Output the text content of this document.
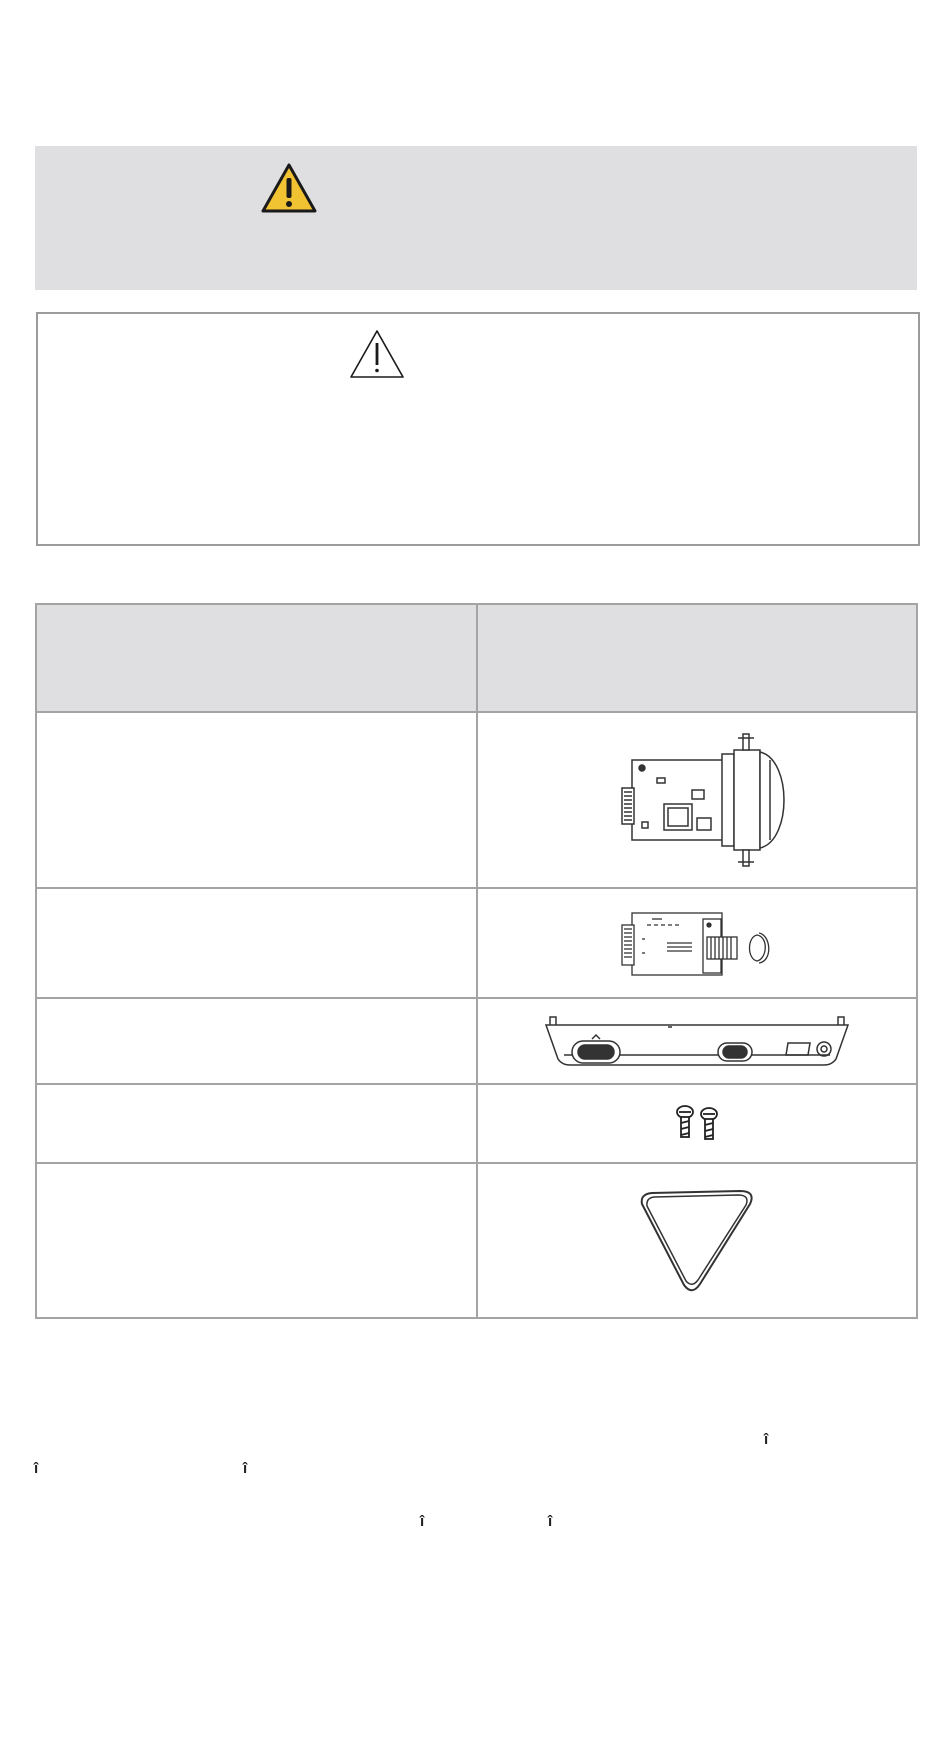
î
î	î
î	î
